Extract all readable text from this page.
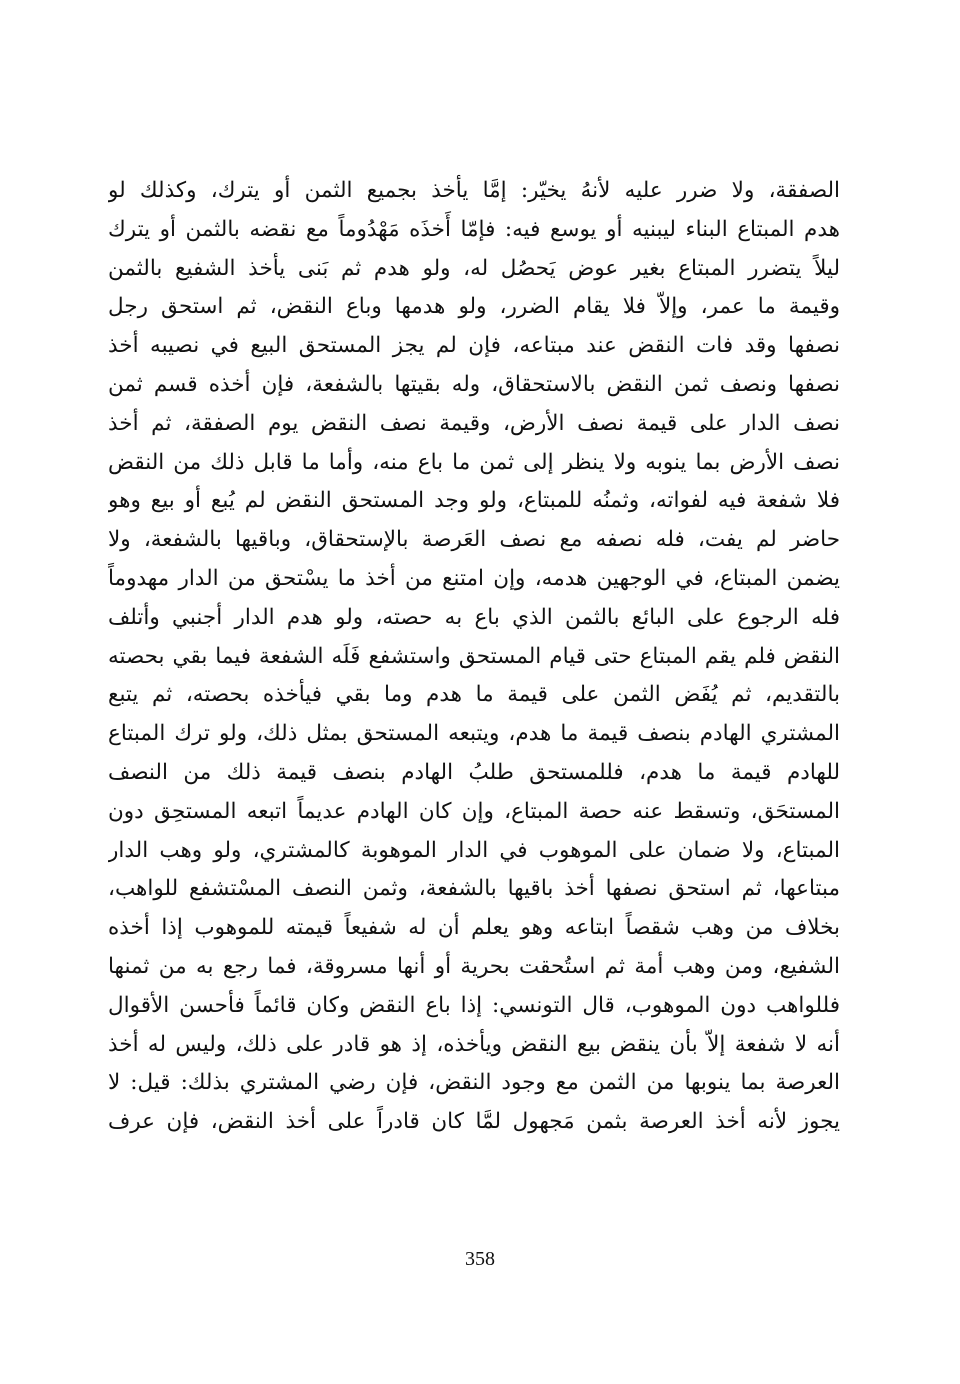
الصفقة، ولا ضرر عليه لأنهُ يخيّر: إمَّا يأخذ بجميع الثمن أو يترك، وكذلك لو
هدم المبتاع البناء ليبنيه أو يوسع فيه: فإمّا أَخذَه مَهْدُوماً مع نقضه بالثمن أو يترك
ليلاً يتضرر المبتاع بغير عوض يَحصُل له، ولو هدم ثم بَنى يأخذ الشفيع بالثمن
وقيمة ما عمر، وإلاّ فلا يقام الضرر، ولو هدمها وباع النقض، ثم استحق رجل
نصفها وقد فات النقض عند مبتاعه، فإن لم يجز المستحق البيع في نصيبه أخذ
نصفها ونصف ثمن النقض بالاستحقاق، وله بقيتها بالشفعة، فإن أخذه قسم ثمن
نصف الدار على قيمة نصف الأرض، وقيمة نصف النقض يوم الصفقة، ثم أخذ
نصف الأرض بما ينوبه ولا ينظر إلى ثمن ما باع منه، وأما ما قابل ذلك من النقض
فلا شفعة فيه لفواته، وثمنُه للمبتاع، ولو وجد المستحق النقض لم يُبع أو بيع وهو
حاضر لم يفت، فله نصفه مع نصف العَرصة بالإستحقاق، وباقيها بالشفعة، ولا
يضمن المبتاع، في الوجهين هدمه، وإن امتنع من أخذ ما يسْتحق من الدار مهدوماً
فله الرجوع على البائع بالثمن الذي باع به حصته، ولو هدم الدار أجنبي وأتلف
النقض فلم يقم المبتاع حتى قيام المستحق واستشفع فَلَه الشفعة فيما بقي بحصته
بالتقديم، ثم يُفَض الثمن على قيمة ما هدم وما بقي فيأخذه بحصته، ثم يتبع
المشتري الهادم بنصف قيمة ما هدم، ويتبعه المستحق بمثل ذلك، ولو ترك المبتاع
للهادم قيمة ما هدم، فللمستحق طلبُ الهادم بنصف قيمة ذلك من النصف
المستحَق، وتسقط عنه حصة المبتاع، وإن كان الهادم عديماً اتبعه المستحِق دون
المبتاع، ولا ضمان على الموهوب في الدار الموهوبة كالمشتري، ولو وهب الدار
مبتاعها، ثم استحق نصفها أخذ باقيها بالشفعة، وثمن النصف المسْتشفع للواهب،
بخلاف من وهب شقصاً ابتاعه وهو يعلم أن له شفيعاً قيمته للموهوب إذا أخذه
الشفيع، ومن وهب أمة ثم استُحقت بحرية أو أنها مسروقة، فما رجع به من ثمنها
فللواهب دون الموهوب، قال التونسي: إذا باع النقض وكان قائماً فأحسن الأقوال
أنه لا شفعة إلاّ بأن ينقض بيع النقض ويأخذه، إذ هو قادر على ذلك، وليس له أخذ
العرصة بما ينوبها من الثمن مع وجود النقض، فإن رضي المشتري بذلك: قيل: لا
يجوز لأنه أخذ العرصة بثمن مَجهول لمَّا كان قادراً على أخذ النقض، فإن عرف
358
